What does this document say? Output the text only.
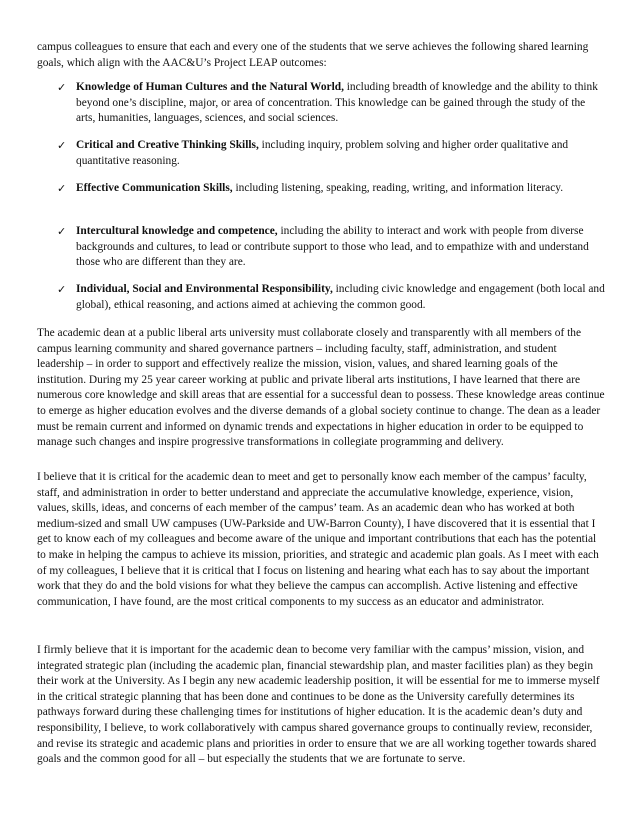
campus colleagues to ensure that each and every one of the students that we serve achieves the following shared learning goals, which align with the AAC&U’s Project LEAP outcomes:

✓ Knowledge of Human Cultures and the Natural World, including breadth of knowledge and the ability to think beyond one’s discipline, major, or area of concentration. This knowledge can be gained through the study of the arts, humanities, languages, sciences, and social sciences.
✓ Critical and Creative Thinking Skills, including inquiry, problem solving and higher order qualitative and quantitative reasoning.
✓ Effective Communication Skills, including listening, speaking, reading, writing, and information literacy.
✓ Intercultural knowledge and competence, including the ability to interact and work with people from diverse backgrounds and cultures, to lead or contribute support to those who lead, and to empathize with and understand those who are different than they are.
✓ Individual, Social and Environmental Responsibility, including civic knowledge and engagement (both local and global), ethical reasoning, and actions aimed at achieving the common good.

The academic dean at a public liberal arts university must collaborate closely and transparently with all members of the campus learning community and shared governance partners – including faculty, staff, administration, and student leadership – in order to support and effectively realize the mission, vision, values, and shared learning goals of the institution. During my 25 year career working at public and private liberal arts institutions, I have learned that there are numerous core knowledge and skill areas that are essential for a successful dean to possess. These knowledge areas continue to emerge as higher education evolves and the diverse demands of a global society continue to change. The dean as a leader must be remain current and informed on dynamic trends and expectations in higher education in order to be equipped to manage such changes and inspire progressive transformations in collegiate programming and delivery.

I believe that it is critical for the academic dean to meet and get to personally know each member of the campus’ faculty, staff, and administration in order to better understand and appreciate the accumulative knowledge, experience, vision, values, skills, ideas, and concerns of each member of the campus’ team. As an academic dean who has worked at both medium-sized and small UW campuses (UW-Parkside and UW-Barron County), I have discovered that it is essential that I get to know each of my colleagues and become aware of the unique and important contributions that each has the potential to make in helping the campus to achieve its mission, priorities, and strategic and academic plan goals. As I meet with each of my colleagues, I believe that it is critical that I focus on listening and hearing what each has to say about the important work that they do and the bold visions for what they believe the campus can accomplish. Active listening and effective communication, I have found, are the most critical components to my success as an educator and administrator.

I firmly believe that it is important for the academic dean to become very familiar with the campus’ mission, vision, and integrated strategic plan (including the academic plan, financial stewardship plan, and master facilities plan) as they begin their work at the University. As I begin any new academic leadership position, it will be essential for me to immerse myself in the critical strategic planning that has been done and continues to be done as the University carefully determines its pathways forward during these challenging times for institutions of higher education. It is the academic dean’s duty and responsibility, I believe, to work collaboratively with campus shared governance groups to continually review, reconsider, and revise its strategic and academic plans and priorities in order to ensure that we are all working together towards shared goals and the common good for all – but especially the students that we are fortunate to serve.
